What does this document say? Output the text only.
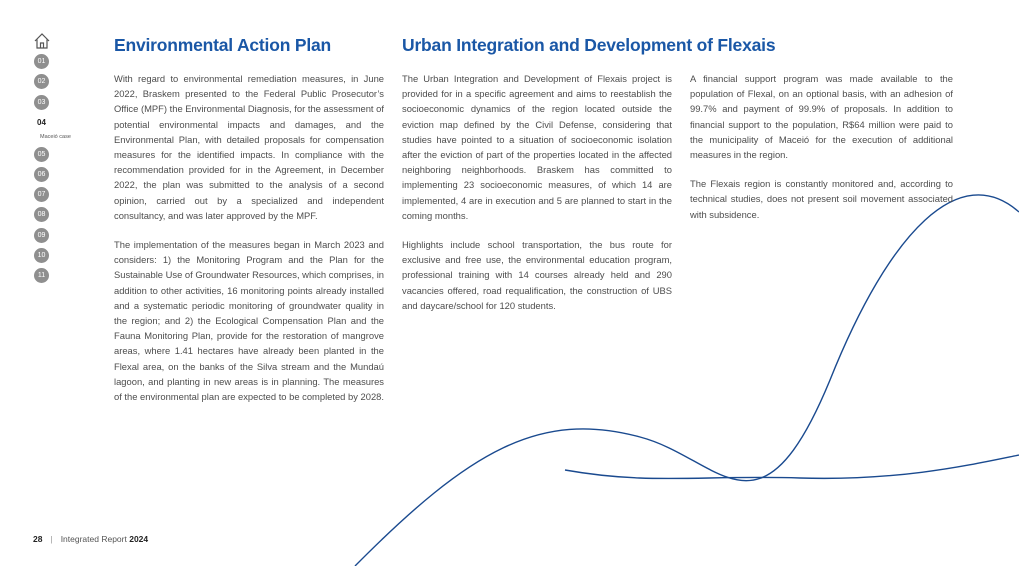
01
02
03
04
Maceió case
05
06
07
08
09
10
11
Environmental Action Plan	Urban Integration and Development of Flexais

With regard to environmental remediation measures, in June 2022, Braskem presented to the Federal Public Prosecutor’s Office (MPF) the Environmental Diagnosis, for the assessment of potential environmental impacts and damages, and the Environmental Plan, with detailed proposals for compensation measures for the identified impacts. In compliance with the recommendation provided for in the Agreement, in December 2022, the plan was submitted to the analysis of a second opinion, carried out by a specialized and independent consultancy, and was later approved by the MPF.

The implementation of the measures began in March 2023 and considers: 1) the Monitoring Program and the Plan for the Sustainable Use of Groundwater Resources, which comprises, in addition to other activities, 16 monitoring points already installed and a systematic periodic monitoring of groundwater quality in the region; and 2) the Ecological Compensation Plan and the Fauna Monitoring Plan, provide for the restoration of mangrove areas, where 1.41 hectares have already been planted in the Flexal area, on the banks of the Silva stream and the Mundaú lagoon, and planting in new areas is in planning. The measures of the environmental plan are expected to be completed by 2028.

The Urban Integration and Development of Flexais project is provided for in a specific agreement and aims to reestablish the socioeconomic dynamics of the region located outside the eviction map defined by the Civil Defense, considering that studies have pointed to a situation of socioeconomic isolation after the eviction of part of the properties located in the affected neighboring neighborhoods. Braskem has committed to implementing 23 socioeconomic measures, of which 14 are implemented, 4 are in execution and 5 are planned to start in the coming months.

Highlights include school transportation, the bus route for exclusive and free use, the environmental education program, professional training with 14 courses already held and 290 vacancies offered, road requalification, the construction of UBS and daycare/school for 120 students.

A financial support program was made available to the population of Flexal, on an optional basis, with an adhesion of 99.7% and payment of 99.9% of proposals. In addition to financial support to the population, R$64 million were paid to the municipality of Maceió for the execution of additional measures in the region.

The Flexais region is constantly monitored and, according to technical studies, does not present soil movement associated with subsidence.

28 | Integrated Report 2024
